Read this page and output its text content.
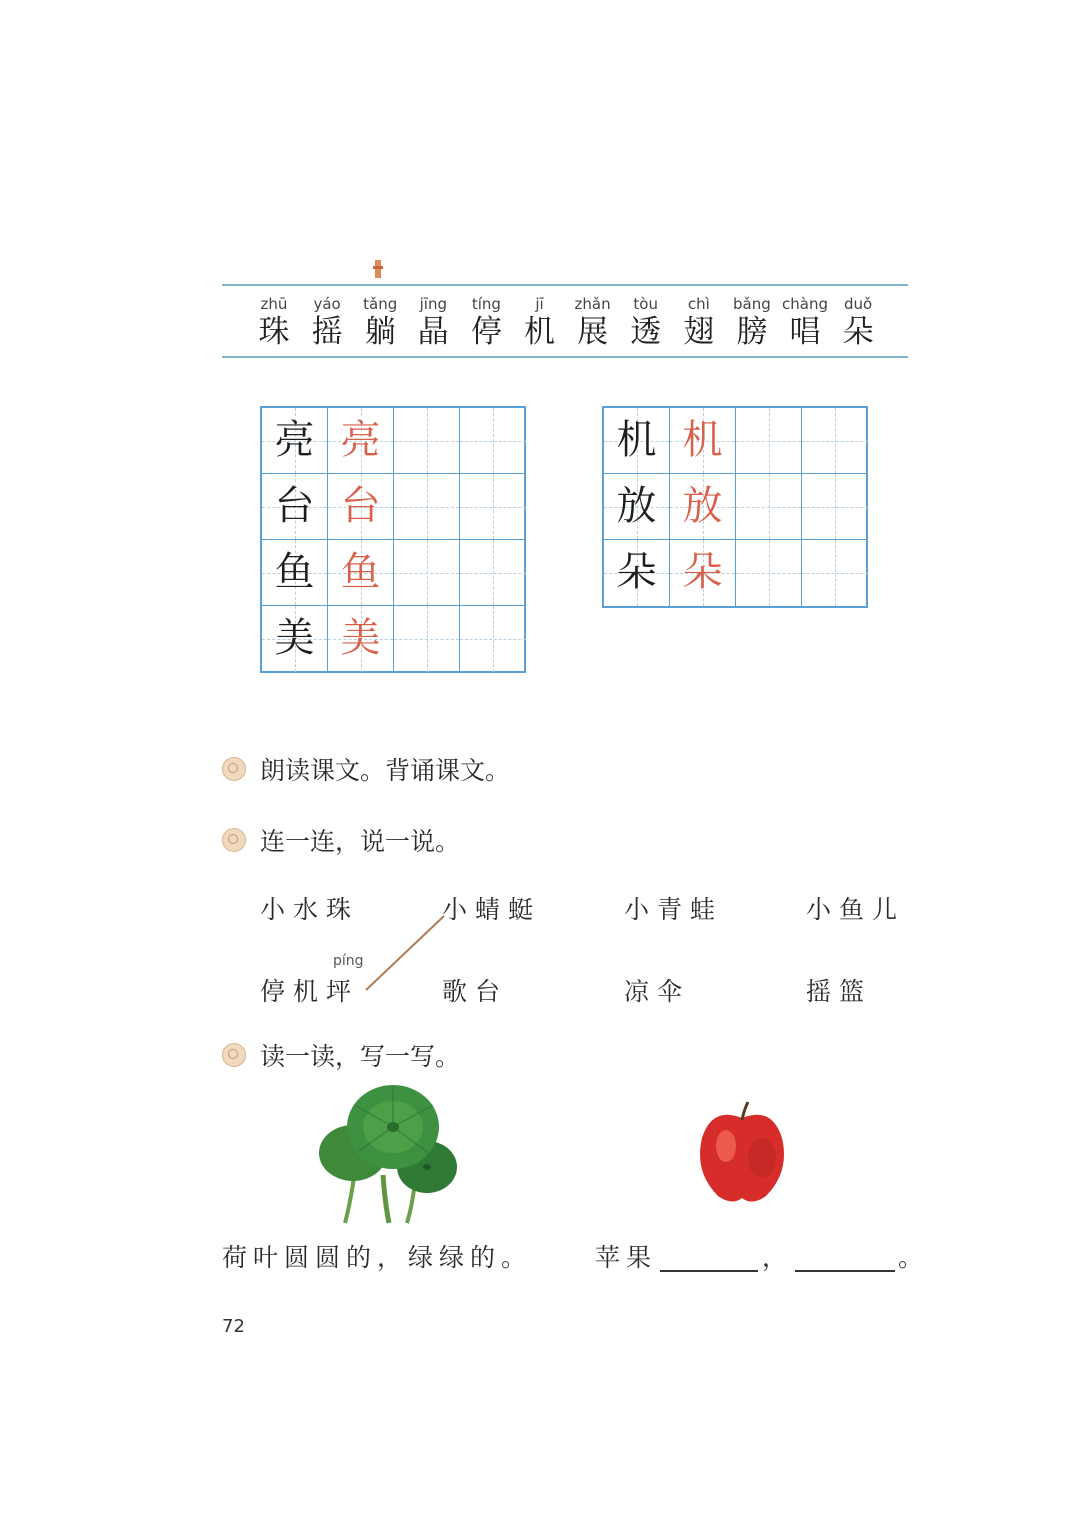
zhū
珠
yáo
摇
tǎng
躺
jīng
晶
tíng
停
jī
机
zhǎn
展
tòu
透
chì
翅
bǎng
膀
chàng
唱
duǒ
朵
亮 亮
台 台
鱼 鱼
美 美
机 机
放 放
朵 朵
朗读课文。背诵课文。
连一连，说一说。
小水珠	小蜻蜓	小青蛙	小鱼儿
píng
停机坪	歌台	凉伞	摇篮
读一读，写一写。
荷叶圆圆的，绿绿的。	苹果	，	。
72
